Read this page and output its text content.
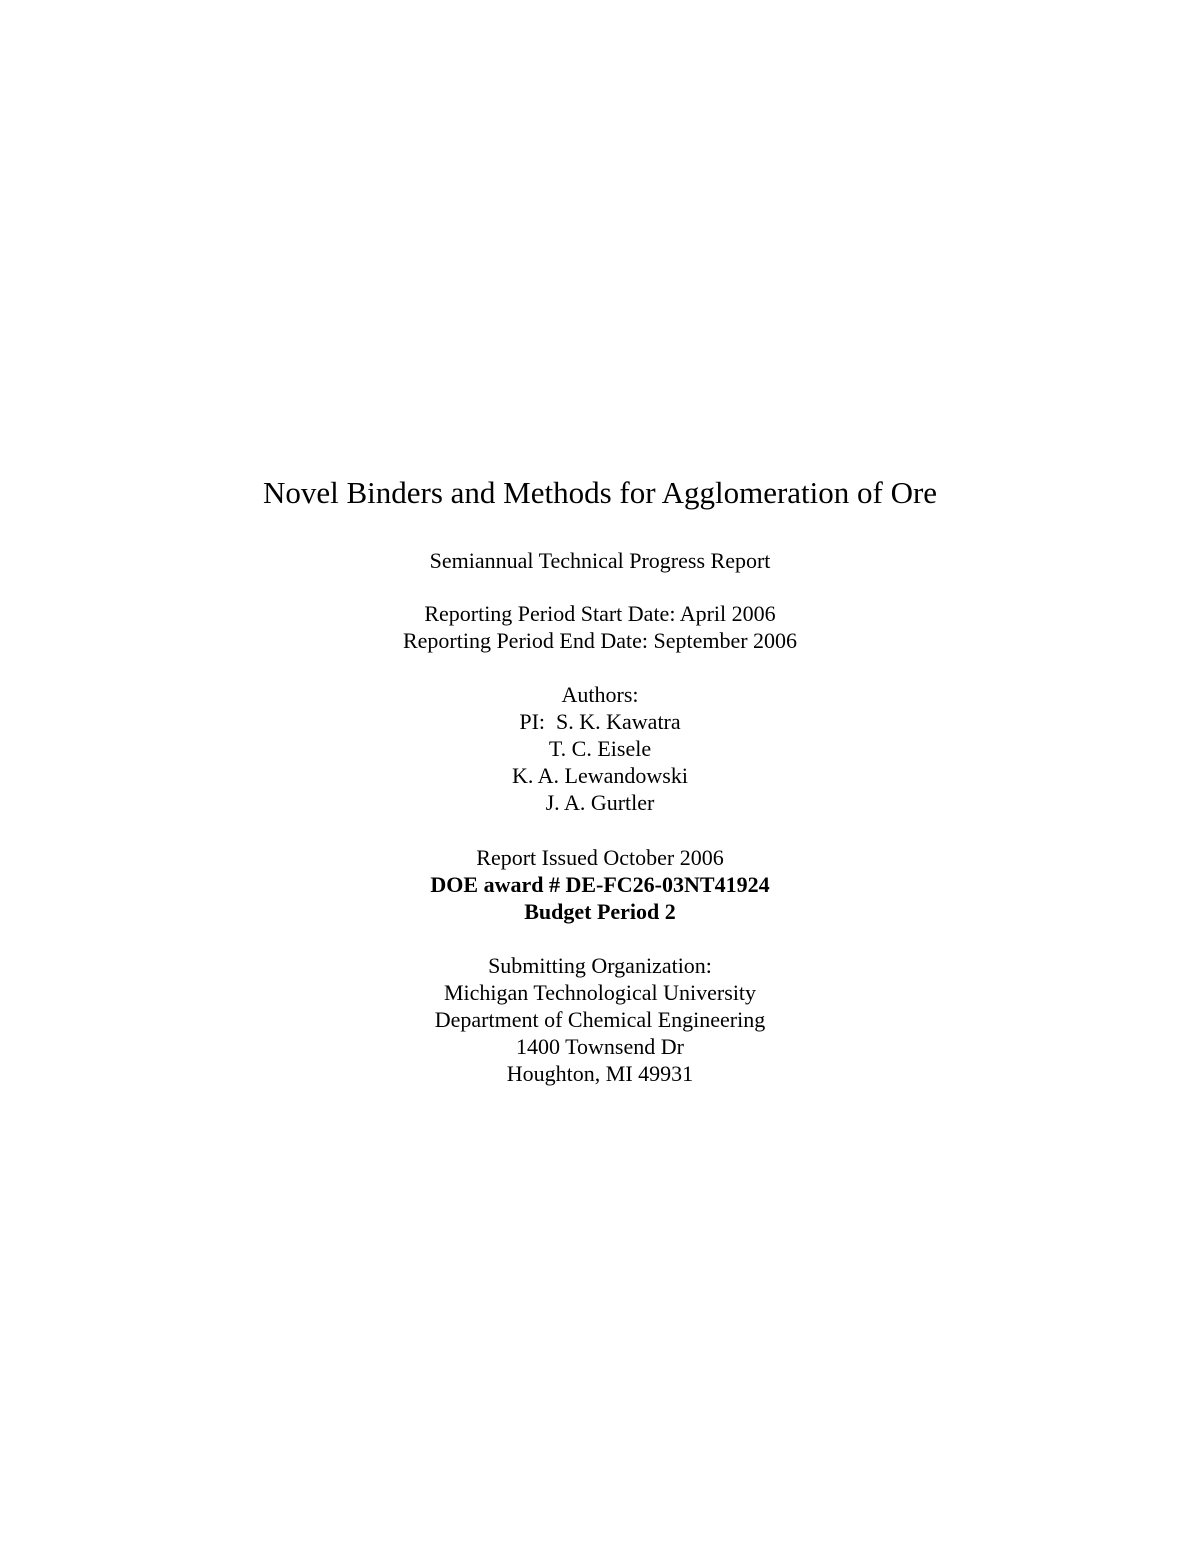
Novel Binders and Methods for Agglomeration of Ore
Semiannual Technical Progress Report
Reporting Period Start Date: April 2006
Reporting Period End Date: September 2006
Authors:
PI:  S. K. Kawatra
T. C. Eisele
K. A. Lewandowski
J. A. Gurtler
Report Issued October 2006
DOE award # DE-FC26-03NT41924
Budget Period 2
Submitting Organization:
Michigan Technological University
Department of Chemical Engineering
1400 Townsend Dr
Houghton, MI 49931
